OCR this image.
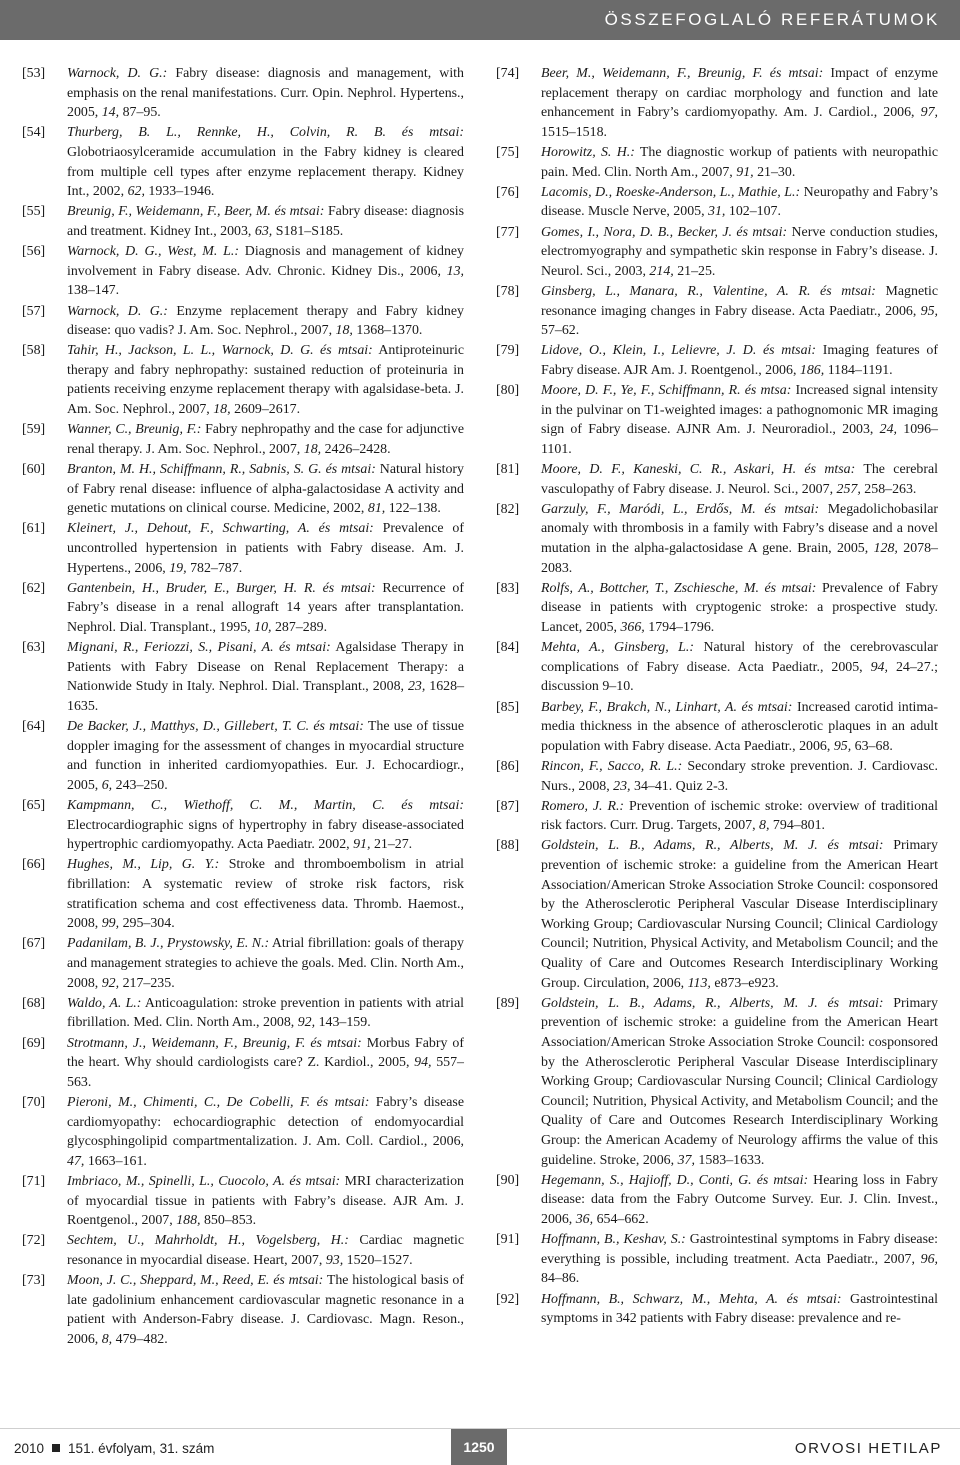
ÖSSZEFOGLALÓ REFERÁTUMOK

[53] Warnock, D. G.: Fabry disease: diagnosis and management, with emphasis on the renal manifestations. Curr. Opin. Nephrol. Hypertens., 2005, 14, 87–95.

[54] Thurberg, B. L., Rennke, H., Colvin, R. B. és mtsai: Globotriaosylceramide accumulation in the Fabry kidney is cleared from multiple cell types after enzyme replacement therapy. Kidney Int., 2002, 62, 1933–1946.

[55] Breunig, F., Weidemann, F., Beer, M. és mtsai: Fabry disease: diagnosis and treatment. Kidney Int., 2003, 63, S181–S185.

[56] Warnock, D. G., West, M. L.: Diagnosis and management of kidney involvement in Fabry disease. Adv. Chronic. Kidney Dis., 2006, 13, 138–147.

[57] Warnock, D. G.: Enzyme replacement therapy and Fabry kidney disease: quo vadis? J. Am. Soc. Nephrol., 2007, 18, 1368–1370.

[58] Tahir, H., Jackson, L. L., Warnock, D. G. és mtsai: Antiproteinuric therapy and fabry nephropathy: sustained reduction of proteinuria in patients receiving enzyme replacement therapy with agalsidase-beta. J. Am. Soc. Nephrol., 2007, 18, 2609–2617.

[59] Wanner, C., Breunig, F.: Fabry nephropathy and the case for adjunctive renal therapy. J. Am. Soc. Nephrol., 2007, 18, 2426–2428.

[60] Branton, M. H., Schiffmann, R., Sabnis, S. G. és mtsai: Natural history of Fabry renal disease: influence of alpha-galactosidase A activity and genetic mutations on clinical course. Medicine, 2002, 81, 122–138.

[61] Kleinert, J., Dehout, F., Schwarting, A. és mtsai: Prevalence of uncontrolled hypertension in patients with Fabry disease. Am. J. Hypertens., 2006, 19, 782–787.

[62] Gantenbein, H., Bruder, E., Burger, H. R. és mtsai: Recurrence of Fabry’s disease in a renal allograft 14 years after transplantation. Nephrol. Dial. Transplant., 1995, 10, 287–289.

[63] Mignani, R., Feriozzi, S., Pisani, A. és mtsai: Agalsidase Therapy in Patients with Fabry Disease on Renal Replacement Therapy: a Nationwide Study in Italy. Nephrol. Dial. Transplant., 2008, 23, 1628–1635.

[64] De Backer, J., Matthys, D., Gillebert, T. C. és mtsai: The use of tissue doppler imaging for the assessment of changes in myocardial structure and function in inherited cardiomyopathies. Eur. J. Echocardiogr., 2005, 6, 243–250.

[65] Kampmann, C., Wiethoff, C. M., Martin, C. és mtsai: Electrocardiographic signs of hypertrophy in fabry disease-associated hypertrophic cardiomyopathy. Acta Paediatr. 2002, 91, 21–27.

[66] Hughes, M., Lip, G. Y.: Stroke and thromboembolism in atrial fibrillation: A systematic review of stroke risk factors, risk stratification schema and cost effectiveness data. Thromb. Haemost., 2008, 99, 295–304.

[67] Padanilam, B. J., Prystowsky, E. N.: Atrial fibrillation: goals of therapy and management strategies to achieve the goals. Med. Clin. North Am., 2008, 92, 217–235.

[68] Waldo, A. L.: Anticoagulation: stroke prevention in patients with atrial fibrillation. Med. Clin. North Am., 2008, 92, 143–159.

[69] Strotmann, J., Weidemann, F., Breunig, F. és mtsai: Morbus Fabry of the heart. Why should cardiologists care? Z. Kardiol., 2005, 94, 557–563.

[70] Pieroni, M., Chimenti, C., De Cobelli, F. és mtsai: Fabry’s disease cardiomyopathy: echocardiographic detection of endomyocardial glycosphingolipid compartmentalization. J. Am. Coll. Cardiol., 2006, 47, 1663–161.

[71] Imbriaco, M., Spinelli, L., Cuocolo, A. és mtsai: MRI characterization of myocardial tissue in patients with Fabry’s disease. AJR Am. J. Roentgenol., 2007, 188, 850–853.

[72] Sechtem, U., Mahrholdt, H., Vogelsberg, H.: Cardiac magnetic resonance in myocardial disease. Heart, 2007, 93, 1520–1527.

[73] Moon, J. C., Sheppard, M., Reed, E. és mtsai: The histological basis of late gadolinium enhancement cardiovascular magnetic resonance in a patient with Anderson-Fabry disease. J. Cardiovasc. Magn. Reson., 2006, 8, 479–482.

[74] Beer, M., Weidemann, F., Breunig, F. és mtsai: Impact of enzyme replacement therapy on cardiac morphology and function and late enhancement in Fabry’s cardiomyopathy. Am. J. Cardiol., 2006, 97, 1515–1518.

[75] Horowitz, S. H.: The diagnostic workup of patients with neuropathic pain. Med. Clin. North Am., 2007, 91, 21–30.

[76] Lacomis, D., Roeske-Anderson, L., Mathie, L.: Neuropathy and Fabry’s disease. Muscle Nerve, 2005, 31, 102–107.

[77] Gomes, I., Nora, D. B., Becker, J. és mtsai: Nerve conduction studies, electromyography and sympathetic skin response in Fabry’s disease. J. Neurol. Sci., 2003, 214, 21–25.

[78] Ginsberg, L., Manara, R., Valentine, A. R. és mtsai: Magnetic resonance imaging changes in Fabry disease. Acta Paediatr., 2006, 95, 57–62.

[79] Lidove, O., Klein, I., Lelievre, J. D. és mtsai: Imaging features of Fabry disease. AJR Am. J. Roentgenol., 2006, 186, 1184–1191.

[80] Moore, D. F., Ye, F., Schiffmann, R. és mtsa: Increased signal intensity in the pulvinar on T1-weighted images: a pathognomonic MR imaging sign of Fabry disease. AJNR Am. J. Neuroradiol., 2003, 24, 1096–1101.

[81] Moore, D. F., Kaneski, C. R., Askari, H. és mtsa: The cerebral vasculopathy of Fabry disease. J. Neurol. Sci., 2007, 257, 258–263.

[82] Garzuly, F., Maródi, L., Erdős, M. és mtsai: Megadolichobasilar anomaly with thrombosis in a family with Fabry’s disease and a novel mutation in the alpha-galactosidase A gene. Brain, 2005, 128, 2078–2083.

[83] Rolfs, A., Bottcher, T., Zschiesche, M. és mtsai: Prevalence of Fabry disease in patients with cryptogenic stroke: a prospective study. Lancet, 2005, 366, 1794–1796.

[84] Mehta, A., Ginsberg, L.: Natural history of the cerebrovascular complications of Fabry disease. Acta Paediatr., 2005, 94, 24–27.; discussion 9–10.

[85] Barbey, F., Brakch, N., Linhart, A. és mtsai: Increased carotid intima-media thickness in the absence of atherosclerotic plaques in an adult population with Fabry disease. Acta Paediatr., 2006, 95, 63–68.

[86] Rincon, F., Sacco, R. L.: Secondary stroke prevention. J. Cardiovasc. Nurs., 2008, 23, 34–41. Quiz 2-3.

[87] Romero, J. R.: Prevention of ischemic stroke: overview of traditional risk factors. Curr. Drug. Targets, 2007, 8, 794–801.

[88] Goldstein, L. B., Adams, R., Alberts, M. J. és mtsai: Primary prevention of ischemic stroke: a guideline from the American Heart Association/American Stroke Association Stroke Council: cosponsored by the Atherosclerotic Peripheral Vascular Disease Interdisciplinary Working Group; Cardiovascular Nursing Council; Clinical Cardiology Council; Nutrition, Physical Activity, and Metabolism Council; and the Quality of Care and Outcomes Research Interdisciplinary Working Group. Circulation, 2006, 113, e873–e923.

[89] Goldstein, L. B., Adams, R., Alberts, M. J. és mtsai: Primary prevention of ischemic stroke: a guideline from the American Heart Association/American Stroke Association Stroke Council: cosponsored by the Atherosclerotic Peripheral Vascular Disease Interdisciplinary Working Group; Cardiovascular Nursing Council; Clinical Cardiology Council; Nutrition, Physical Activity, and Metabolism Council; and the Quality of Care and Outcomes Research Interdisciplinary Working Group: the American Academy of Neurology affirms the value of this guideline. Stroke, 2006, 37, 1583–1633.

[90] Hegemann, S., Hajioff, D., Conti, G. és mtsai: Hearing loss in Fabry disease: data from the Fabry Outcome Survey. Eur. J. Clin. Invest., 2006, 36, 654–662.

[91] Hoffmann, B., Keshav, S.: Gastrointestinal symptoms in Fabry disease: everything is possible, including treatment. Acta Paediatr., 2007, 96, 84–86.

[92] Hoffmann, B., Schwarz, M., Mehta, A. és mtsai: Gastrointestinal symptoms in 342 patients with Fabry disease: prevalence and re-

2010 151. évfolyam, 31. szám	1250	ORVOSI HETILAP
